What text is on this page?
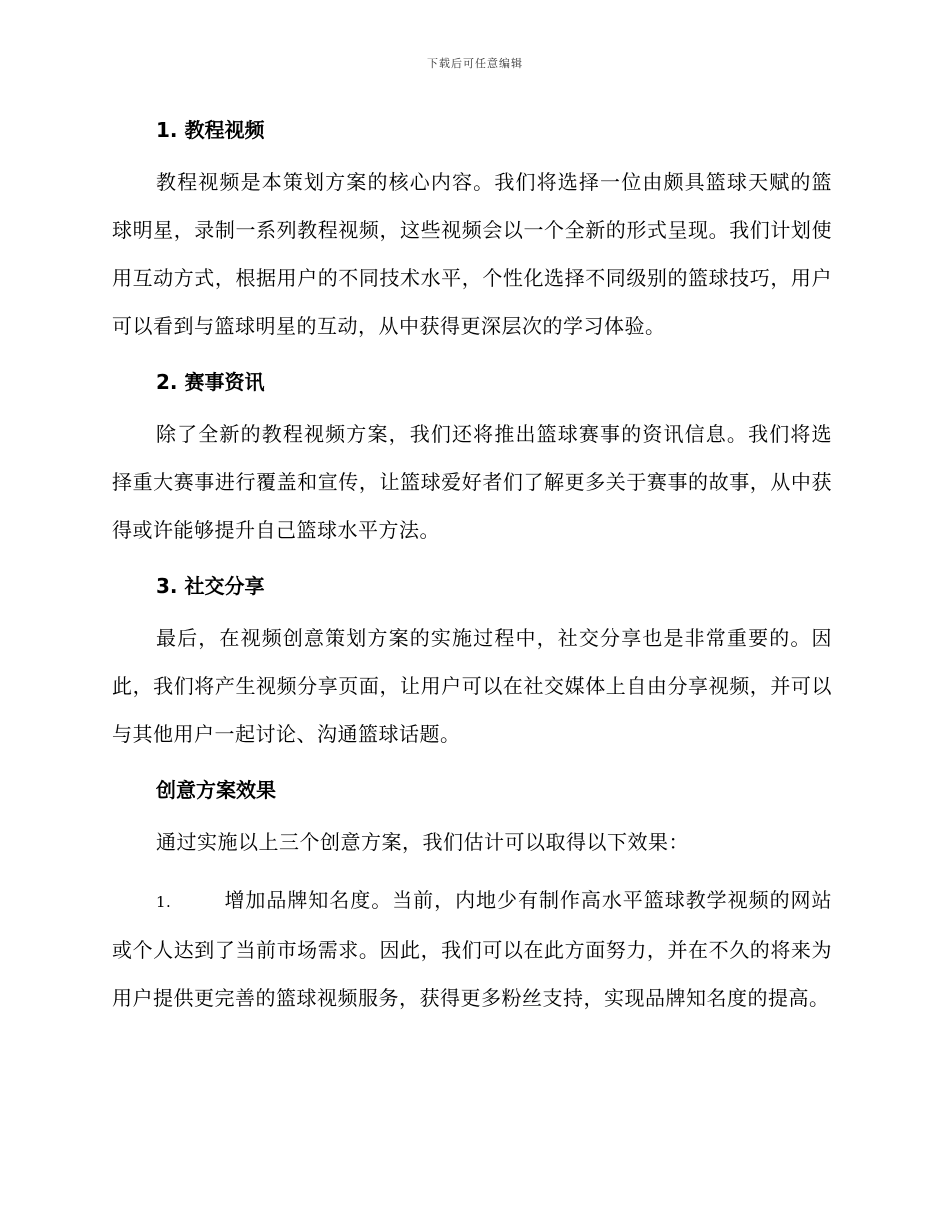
下载后可任意编辑
1. 教程视频

教程视频是本策划方案的核心内容。我们将选择一位由颇具篮球天赋的篮球明星，录制一系列教程视频，这些视频会以一个全新的形式呈现。我们计划使用互动方式，根据用户的不同技术水平，个性化选择不同级别的篮球技巧，用户可以看到与篮球明星的互动，从中获得更深层次的学习体验。

2. 赛事资讯

除了全新的教程视频方案，我们还将推出篮球赛事的资讯信息。我们将选择重大赛事进行覆盖和宣传，让篮球爱好者们了解更多关于赛事的故事，从中获得或许能够提升自己篮球水平方法。

3. 社交分享

最后，在视频创意策划方案的实施过程中，社交分享也是非常重要的。因此，我们将产生视频分享页面，让用户可以在社交媒体上自由分享视频，并可以与其他用户一起讨论、沟通篮球话题。

创意方案效果

通过实施以上三个创意方案，我们估计可以取得以下效果：

1.	增加品牌知名度。当前，内地少有制作高水平篮球教学视频的网站或个人达到了当前市场需求。因此，我们可以在此方面努力，并在不久的将来为用户提供更完善的篮球视频服务，获得更多粉丝支持，实现品牌知名度的提高。
